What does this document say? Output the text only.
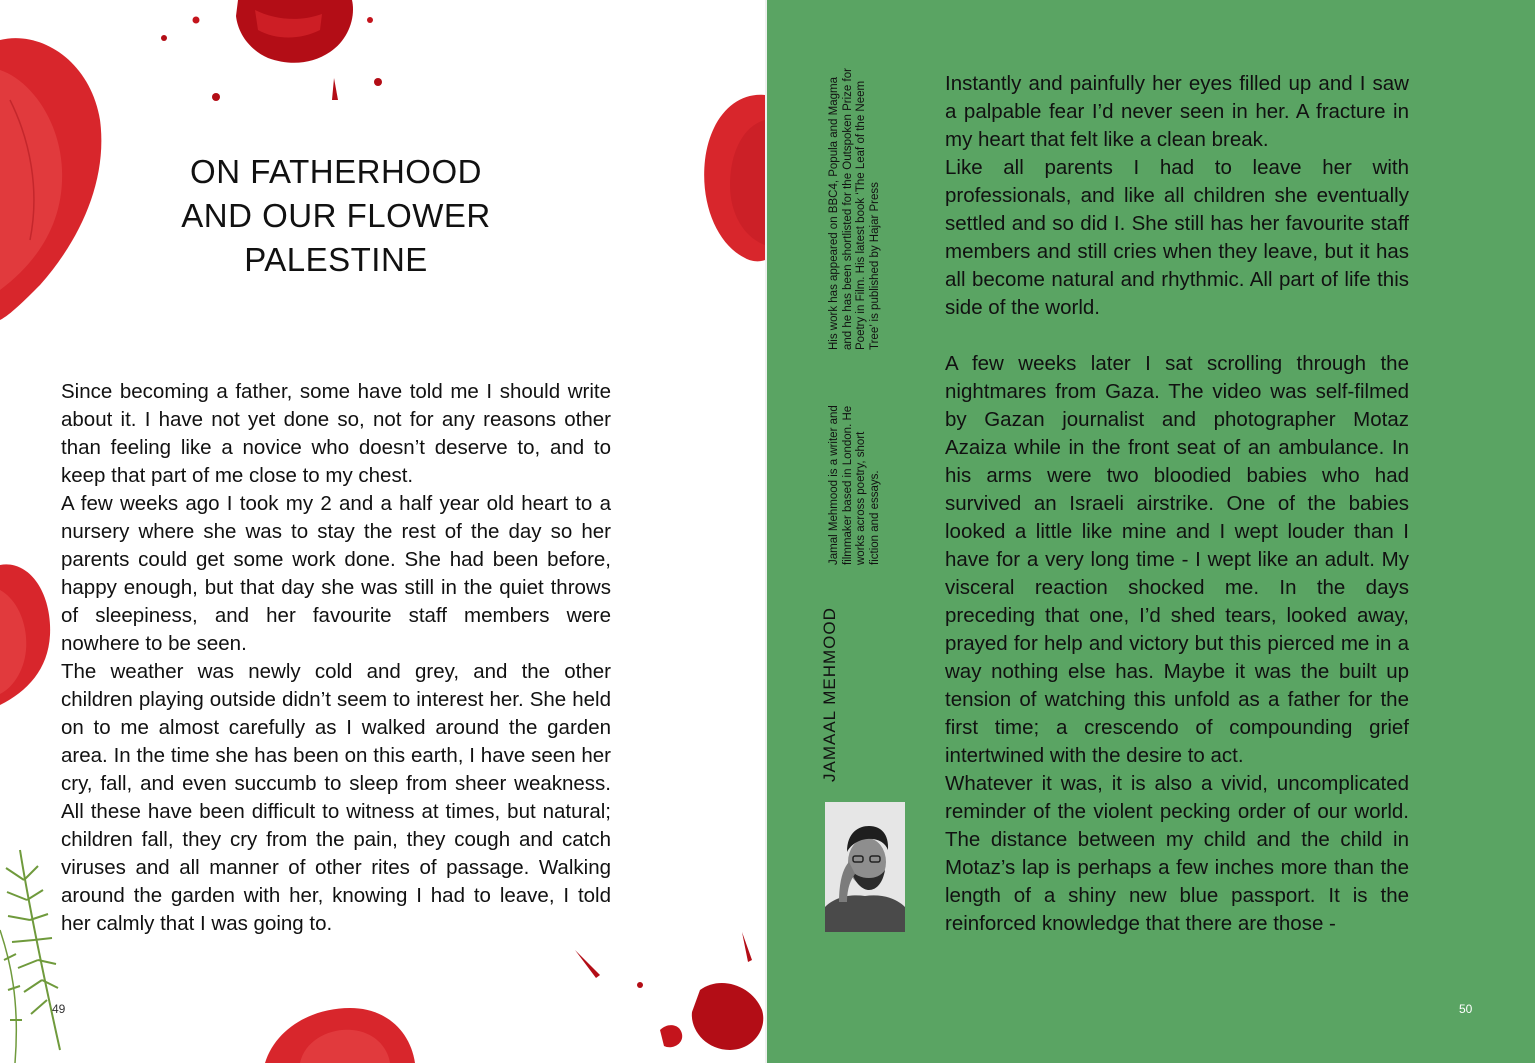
ON FATHERHOOD
AND OUR FLOWER
PALESTINE

Since becoming a father, some have told me I should write about it. I have not yet done so, not for any reasons other than feeling like a novice who doesn’t deserve to, and to keep that part of me close to my chest.

A few weeks ago I took my 2 and a half year old heart to a nursery where she was to stay the rest of the day so her parents could get some work done. She had been before, happy enough, but that day she was still in the quiet throws of sleepiness, and her favourite staff members were nowhere to be seen.

The weather was newly cold and grey, and the other children playing outside didn’t seem to interest her. She held on to me almost carefully as I walked around the garden area. In the time she has been on this earth, I have seen her cry, fall, and even succumb to sleep from sheer weakness. All these have been difficult to witness at times, but natural; children fall, they cry from the pain, they cough and catch viruses and all manner of other rites of passage. Walking around the garden with her, knowing I had to leave, I told her calmly that I was going to.

49
His work has appeared on BBC4, Popula and Magma and he has been shortlisted for the Outspoken Prize for Poetry in Film. His latest book ‘The Leaf of the Neem Tree’ is published by Hajar Press
Jamal Mehmood is a writer and filmmaker based in London. He works across poetry, short fiction and essays.
JAMAAL MEHMOOD

Instantly and painfully her eyes filled up and I saw a palpable fear I’d never seen in her. A fracture in my heart that felt like a clean break.

Like all parents I had to leave her with professionals, and like all children she eventually settled and so did I. She still has her favourite staff members and still cries when they leave, but it has all become natural and rhythmic. All part of life this side of the world.

A few weeks later I sat scrolling through the nightmares from Gaza. The video was self-filmed by Gazan journalist and photographer Motaz Azaiza while in the front seat of an ambulance. In his arms were two bloodied babies who had survived an Israeli airstrike. One of the babies looked a little like mine and I wept louder than I have for a very long time - I wept like an adult. My visceral reaction shocked me. In the days preceding that one, I’d shed tears, looked away, prayed for help and victory but this pierced me in a way nothing else has. Maybe it was the built up tension of watching this unfold as a father for the first time; a crescendo of compounding grief intertwined with the desire to act.

Whatever it was, it is also a vivid, uncomplicated reminder of the violent pecking order of our world. The distance between my child and the child in Motaz’s lap is perhaps a few inches more than the length of a shiny new blue passport. It is the reinforced knowledge that there are those -

50
